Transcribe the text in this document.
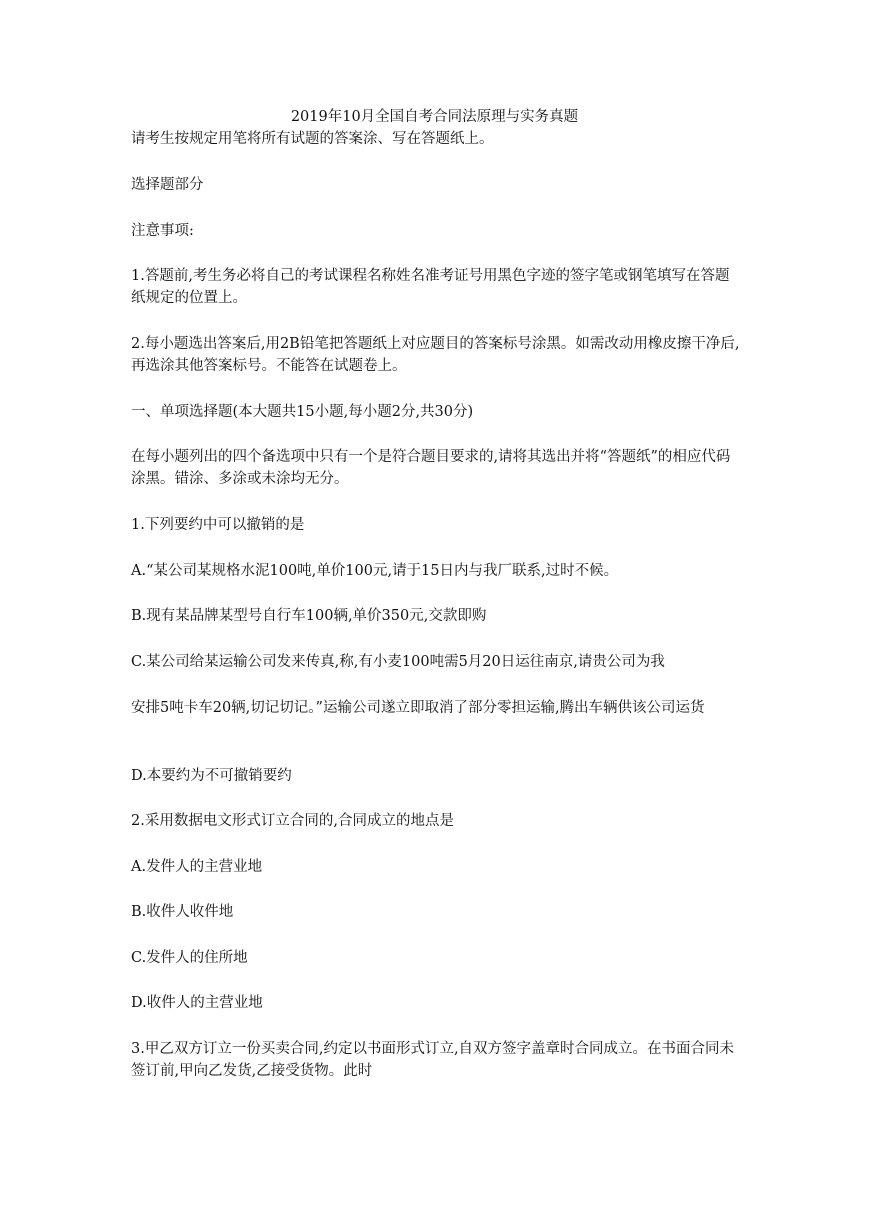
2019年10月全国自考合同法原理与实务真题

请考生按规定用笔将所有试题的答案涂、写在答题纸上。

选择题部分

注意事项:

1.答题前,考生务必将自己的考试课程名称姓名准考证号用黑色字迹的签字笔或钢笔填写在答题纸规定的位置上。

2.每小题选出答案后,用2B铅笔把答题纸上对应题目的答案标号涂黑。如需改动用橡皮擦干净后,再选涂其他答案标号。不能答在试题卷上。

一、单项选择题(本大题共15小题,每小题2分,共30分)

在每小题列出的四个备选项中只有一个是符合题目要求的,请将其选出并将“答题纸”的相应代码涂黑。错涂、多涂或未涂均无分。

1.下列要约中可以撤销的是

A.“某公司某规格水泥100吨,单价100元,请于15日内与我厂联系,过时不候。

B.现有某品牌某型号自行车100辆,单价350元,交款即购

C.某公司给某运输公司发来传真,称,有小麦100吨需5月20日运往南京,请贵公司为我

安排5吨卡车20辆,切记切记。”运输公司遂立即取消了部分零担运输,腾出车辆供该公司运货

D.本要约为不可撤销要约

2.采用数据电文形式订立合同的,合同成立的地点是

A.发件人的主营业地

B.收件人收件地

C.发件人的住所地

D.收件人的主营业地

3.甲乙双方订立一份买卖合同,约定以书面形式订立,自双方签字盖章时合同成立。在书面合同未签订前,甲向乙发货,乙接受货物。此时
